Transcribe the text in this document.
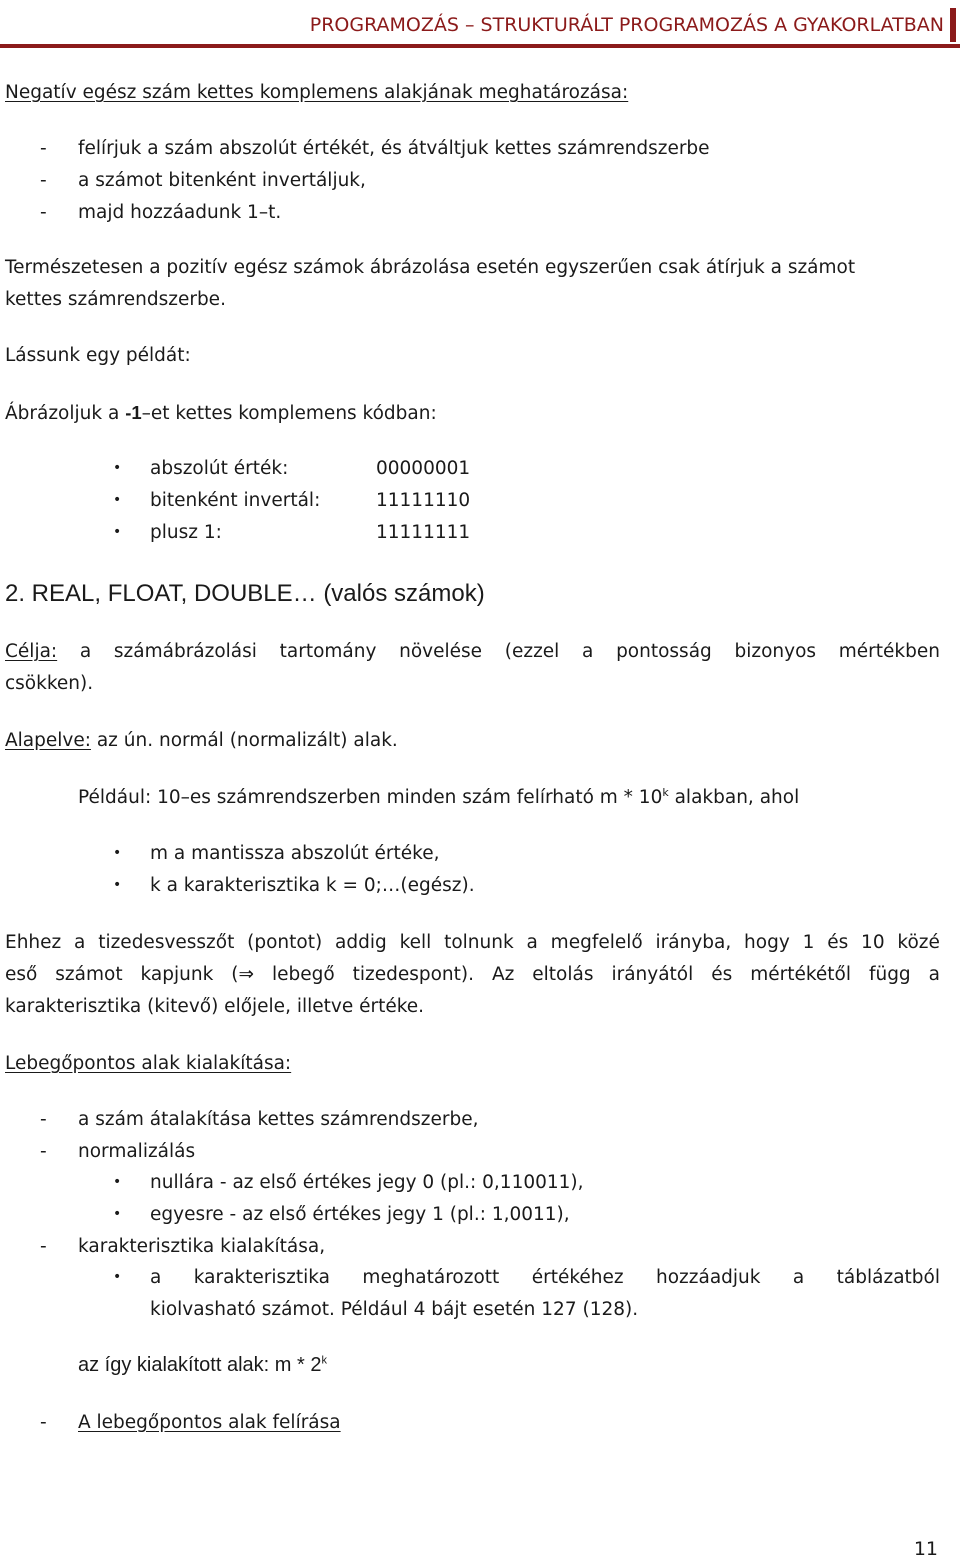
PROGRAMOZÁS – STRUKTURÁLT PROGRAMOZÁS A GYAKORLATBAN
Negatív egész szám kettes komplemens alakjának meghatározása:
- felírjuk a szám abszolút értékét, és átváltjuk kettes számrendszerbe
- a számot bitenként invertáljuk,
- majd hozzáadunk 1–t.
Természetesen a pozitív egész számok ábrázolása esetén egyszerűen csak átírjuk a számot
kettes számrendszerbe.
Lássunk egy példát:
Ábrázoljuk a -1–et kettes komplemens kódban:
• abszolút érték:	00000001
• bitenként invertál:	11111110
• plusz 1:	11111111
2. REAL, FLOAT, DOUBLE… (valós számok)
Célja: a számábrázolási tartomány növelése (ezzel a pontosság bizonyos mértékben
csökken).
Alapelve: az ún. normál (normalizált) alak.
Például: 10–es számrendszerben minden szám felírható m * 10$^k$ alakban, ahol
• m a mantissza abszolút értéke,
• k a karakterisztika k = 0;…(egész).
Ehhez a tizedesvesszőt (pontot) addig kell tolnunk a megfelelő irányba, hogy 1 és 10 közé
eső számot kapjunk (⇒ lebegő tizedespont). Az eltolás irányától és mértékétől függ a
karakterisztika (kitevő) előjele, illetve értéke.
Lebegőpontos alak kialakítása:
- a szám átalakítása kettes számrendszerbe,
- normalizálás
• nullára - az első értékes jegy 0 (pl.: 0,110011),
• egyesre - az első értékes jegy 1 (pl.: 1,0011),
- karakterisztika kialakítása,
• a karakterisztika meghatározott értékéhez hozzáadjuk a táblázatból
kiolvasható számot. Például 4 bájt esetén 127 (128).
az így kialakított alak: m * 2$^k$
- A lebegőpontos alak felírása
11
